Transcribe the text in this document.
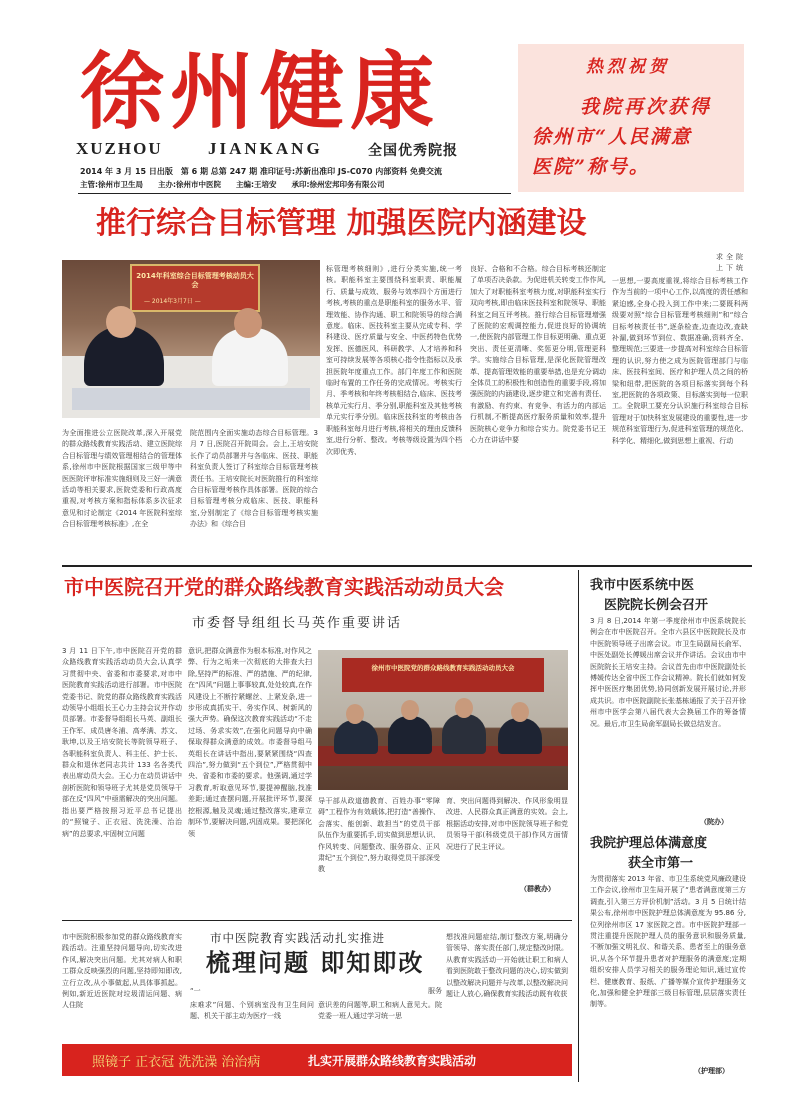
徐州健康
XUZHOU	JIANKANG	全国优秀院报
2014 年 3 月 15 日出版　第 6 期 总第 247 期 准印证号:苏新出准印 JS-C070 内部资料 免费交流
主管:徐州市卫生局　　主办:徐州市中医院　　主编:王培安　　承印:徐州宏邦印务有限公司
热烈祝贺
我院再次获得
徐州市“人民满意
医院”称号。
推行综合目标管理 加强医院内涵建设
2014年科室综合目标管理考核动员大会
— 2014年3月7日 —
为全面推进公立医院改革,深入开展党的群众路线教育实践活动、建立医院综合目标管理与绩效管理相结合的管理体系,徐州市中医院根据国家三级甲等中医医院评审标准实施细则及三好一满意活动等相关要求,医院党委和行政高度重视,对考核方案和指标体系多次征求意见和讨论制定《2014 年医院科室综合目标管理考核标准》,在全
院范围内全面实施动态综合目标管理。3 月 7 日,医院召开院周会。会上,王培安院长作了动员部署并与各临床、医技、职能科室负责人签订了科室综合目标管理考核责任书。王培安院长对医院推行的科室综合目标管理考核作具体部署。医院的综合目标管理考核分成临床、医技、职能科室,分别制定了《综合目标管理考核实施办法》和《综合目
标管理考核细则》,进行分类实施,统一考核。职能科室主要围绕科室职责、职能履行、质量与成效、服务与效率四个方面进行考核,考核的重点是职能科室的服务水平、管理效能、协作沟通、职工和院领导的综合满意度。临床、医技科室主要从完成专科、学科建设、医疗质量与安全、中医药特色优势发挥、医德医风、科研教学、人才培养和科室可持续发展等各项核心指令性指标以及承担医院年度重点工作。部门年度工作和医院临时布置的工作任务的完成情况。考核实行月、季考核和年终考核相结合,临床、医技考核单元实行月、季分别,职能科室及其他考核单元实行季分别。临床医技科室的考核由各职能科室每月进行考核,将相关的理由反馈科室,进行分析、整改。考核等级设置为四个档次即优秀、
良好、合格和不合格。综合目标考核还制定了单项否决条款。为促进机关转变工作作风,加大了对职能科室考核力度,对职能科室实行双向考核,即由临床医技科室和院领导、职能科室之间互评考核。推行综合目标管理增强了医院的宏观调控能力,促进良好的协调统一,使医院内部管理工作目标更明确、重点更突出、责任更清晰、奖惩更分明,管理更科学。实施综合目标管理,是深化医院管理改革、提高管理效能的重要举措,也是充分调动全体员工的积极性和创造性的重要手段,将加强医院的内涵建设,逐步建立和完善有责任、有激励、有约束、有竞争、有活力的内部运行机制,不断提高医疗服务质量和效率,提升医院核心竞争力和综合实力。院党委书记王心力在讲话中要
求全院上下统
一思想,一要高度重视,将综合目标考核工作作为当前的一项中心工作,以高度的责任感和紧迫感,全身心投入到工作中来;二要既科两级要对照“综合目标管理考核细则”和“综合目标考核责任书”,逐条检查,边查边改,查缺补漏,做到环节到位、数据准确,资料齐全、整理规范;三要进一步提高对科室综合目标管理的认识,努力使之成为医院管理部门与临床、医技科室间、医疗和护理人员之间的桥梁和纽带,把医院的各项目标落实到每个科室,把医院的各项政策、目标落实到每一位职工。全院职工要充分认识施行科室综合目标管理对于加快科室发展建设的重要性,进一步规范科室管理行为,促进科室管理的规范化、科学化、精细化,做到思想上重视、行动
市中医院召开党的群众路线教育实践活动动员大会
市委督导组组长马英作重要讲话
徐州市中医院党的群众路线教育实践活动动员大会
3 月 11 日下午,市中医院召开党的群众路线教育实践活动动员大会,认真学习贯彻中央、省委和市委要求,对市中医院教育实践活动进行部署。市中医院党委书记、院党的群众路线教育实践活动领导小组组长王心力主持会议并作动员部署。市委督导组组长马英、副组长王作军、成员唐冬浦、高孝满、苏文、耿坤,以及王培安院长等院领导班子、各职能科室负责人、科主任、护士长、群众和退休老同志共计 133 名各类代表出席动员大会。王心力在动员讲话中剖析医院和领导班子尤其是党员领导干部在反“四风”中亟需解决的突出问题。指出要严格按照习近平总书记提出的“照镜子、正衣冠、洗洗澡、治治病”的总要求,牢固树立问题
意识,把群众满意作为根本标准,对作风之弊、行为之垢来一次彻底的大排查大扫除,坚持严的标准、严的措施、严的纪律,在“四风”问题上事事较真,处处较真,在作风建设上不断拧紧螺丝、上紧发条,进一步形成真抓实干、务实作风、树新风的强大声势。确保这次教育实践活动“不走过场、务求实效”,在强化问题导向中确保取得群众满意的成效。市委督导组马英组长在讲话中指出,要紧紧围绕“四查四治”,努力做到“五个到位”,严格贯彻中央、省委和市委的要求。他强调,通过学习教育,听取意见环节,要提神醒脑,找准差距;通过查摆问题,开展批评环节,要深挖根源,触及灵魂;通过整改落实,建章立制环节,要解决问题,巩固成果。要把深化领
导干部从政道德教育、百姓办事“零障碍”工程作为有效载体,把打造“善操作、会落实、能创新、敢担当”的党员干部队伍作为重要抓手,切实做到思想认识、作风转变、问题整改、服务群众、正风肃纪“五个到位”,努力取得党员干部深受教
育、突出问题得到解决、作风形象明显改进、人民群众真正满意的实效。会上,根据活动安排,对市中医院领导班子和党员领导干部(科级党员干部)作风方面情况进行了民主评议。
（群教办）
市中医院积极参加党的群众路线教育实践活动。注重坚持问题导向,切实改进作风,解决突出问题。尤其对病人和职工群众反映强烈的问题,坚持即知即改,立行立改,从小事做起,从具体事抓起。例如,新近近医院对垃圾清运问题、病人住院
市中医院教育实践活动扎实推进
梳理问题 即知即改
“一
床难求”问题、个别病室没有卫生间问题、机关干部主动为医疗一线
服务
意识差的问题等,职工和病人意见大。院党委一班人通过学习统一思
想找准问题症结,制订整改方案,明确分管领导、落实责任部门,规定整改时限。从教育实践活动一开始就让职工和病人看到医院敢于整改问题的决心,切实做到以整改解决问题并与改革,以整改解决问题让人放心,确保教育实践活动既有收获
照镜子 正衣冠 洗洗澡 治治病	扎实开展群众路线教育实践活动
我市中医系统中医
医院院长例会召开
3 月 8 日,2014 年第一季度徐州市中医系统院长例会在市中医院召开。全市六县区中医院院长及市中医院领导班子出席会议。市卫生局副局长俞军、中医处副处长傅媛出席会议并作讲话。会议由市中医院院长王培安主持。会议首先由市中医院副处长傅媛传达全省中医工作会议精神。院长们就如何发挥中医医疗集团优势,协同创新发展开展讨论,并形成共识。市中医院副院长张基栋通报了关于召开徐州市中医学会第八届代表大会换届工作的筹备情况。最后,市卫生局俞军副局长做总结发言。
（院办）
我院护理总体满意度
获全市第一
为贯彻落实 2013 年省、市卫生系统党风廉政建设工作会议,徐州市卫生局开展了“患者满意度第三方调查,引入第三方评价机制”活动。3 月 5 日统计结果公布,徐州市中医院护理总体满意度为 95.86 分,位列徐州市区 17 家医院之首。市中医院护理部一贯注重提升医院护理人员的服务意识和服务质量,不断加强文明礼仪、和谐关系、患者至上的服务意识,从各个环节提升患者对护理服务的满意度;定期组织安排人员学习相关的服务理论知识,通过宣传栏、健康教育、报纸、广播等媒介宣传护理服务文化,加强和健全护理部三级目标管理,层层落实责任制等。
（护理部）
